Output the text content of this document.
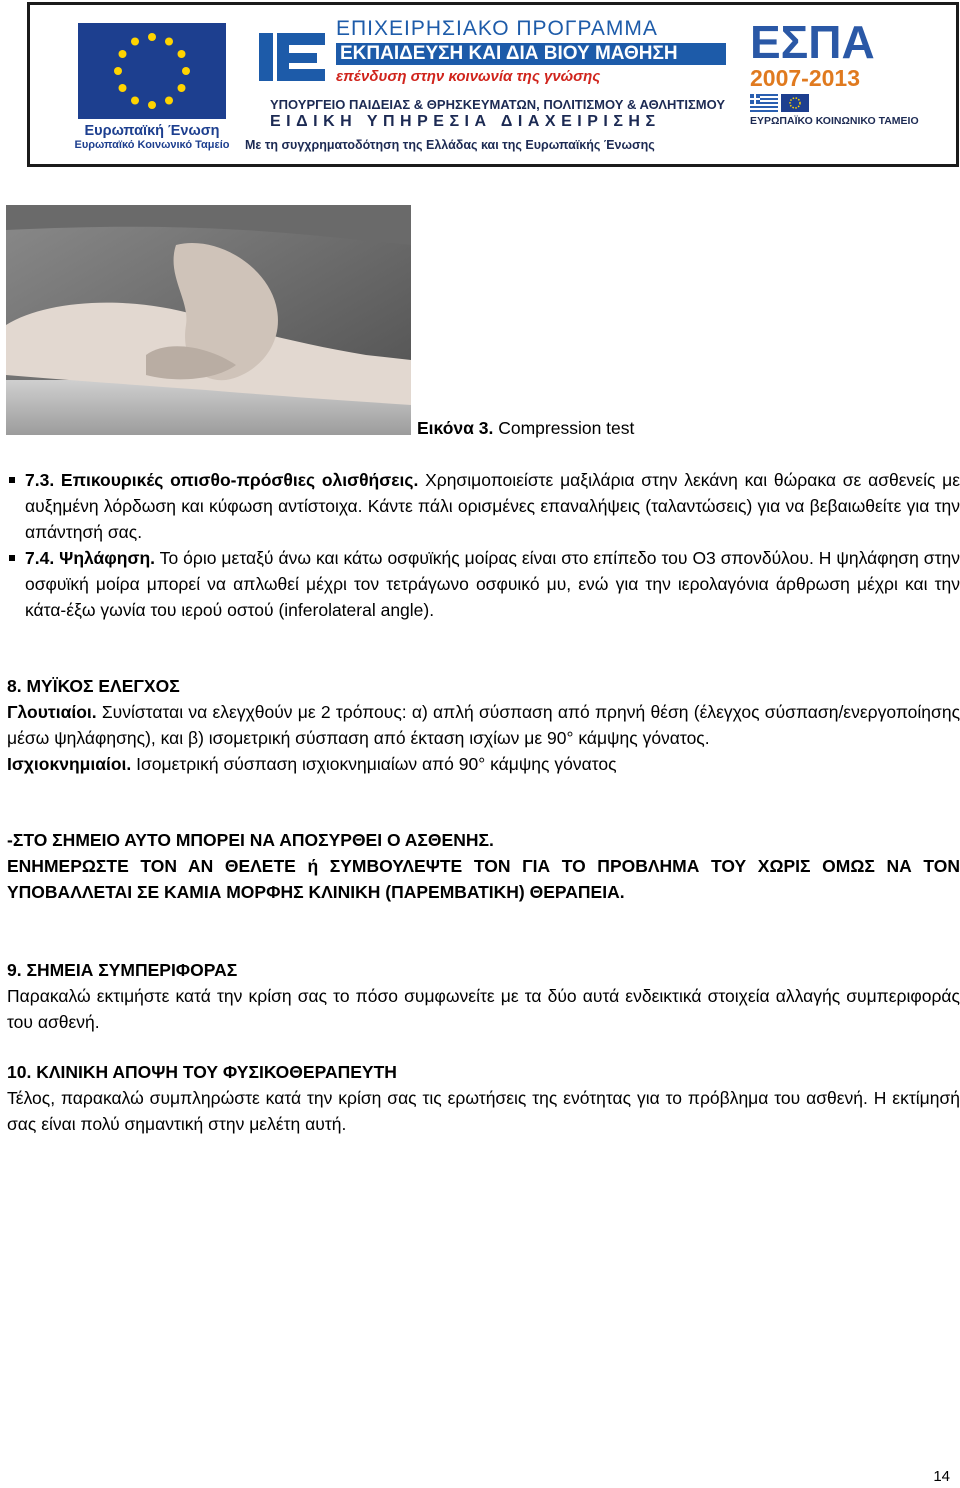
Ευρωπαϊκή Ένωση
Ευρωπαϊκό Κοινωνικό Ταμείο
ΕΠΙΧΕΙΡΗΣΙΑΚΟ ΠΡΟΓΡΑΜΜΑ
ΕΚΠΑΙΔΕΥΣΗ ΚΑΙ ΔΙΑ ΒΙΟΥ ΜΑΘΗΣΗ
επένδυση στην κοινωνία της γνώσης
ΥΠΟΥΡΓΕΙΟ ΠΑΙΔΕΙΑΣ & ΘΡΗΣΚΕΥΜΑΤΩΝ, ΠΟΛΙΤΙΣΜΟΥ & ΑΘΛΗΤΙΣΜΟΥ
ΕΙΔΙΚΗ ΥΠΗΡΕΣΙΑ ΔΙΑΧΕΙΡΙΣΗΣ
Με τη συγχρηματοδότηση της Ελλάδας και της Ευρωπαϊκής Ένωσης
ΕΣΠΑ
2007-2013
ΕΥΡΩΠΑΪΚΟ ΚΟΙΝΩΝΙΚΟ ΤΑΜΕΙΟ
Εικόνα 3. Compression test
7.3. Επικουρικές οπισθο-πρόσθιες ολισθήσεις. Χρησιμοποιείστε μαξιλάρια στην λεκάνη και θώρακα σε ασθενείς με αυξημένη λόρδωση και κύφωση αντίστοιχα. Κάντε πάλι ορισμένες επαναλήψεις (ταλαντώσεις) για να βεβαιωθείτε για την απάντησή σας.
7.4. Ψηλάφηση. Το όριο μεταξύ άνω και κάτω οσφυϊκής μοίρας είναι στο επίπεδο του Ο3 σπονδύλου. Η ψηλάφηση στην οσφυϊκή μοίρα μπορεί να απλωθεί μέχρι τον τετράγωνο οσφυικό μυ, ενώ για την ιερολαγόνια άρθρωση μέχρι και την κάτα-έξω γωνία του ιερού οστού (inferolateral angle).
8. ΜΥΪΚΟΣ ΕΛΕΓΧΟΣ
Γλουτιαίοι. Συνίσταται να ελεγχθούν με 2 τρόπους: α) απλή σύσπαση από πρηνή θέση (έλεγχος σύσπαση/ενεργοποίησης μέσω ψηλάφησης), και β) ισομετρική σύσπαση από έκταση ισχίων με 90° κάμψης γόνατος.
Ισχιοκνημιαίοι. Ισομετρική σύσπαση ισχιοκνημιαίων από 90° κάμψης γόνατος
-ΣΤΟ ΣΗΜΕΙΟ ΑΥΤΟ ΜΠΟΡΕΙ ΝΑ ΑΠΟΣΥΡΘΕΙ Ο ΑΣΘΕΝΗΣ.
ΕΝΗΜΕΡΩΣΤΕ ΤΟΝ ΑΝ ΘΕΛΕΤΕ ή ΣΥΜΒΟΥΛΕΨΤΕ ΤΟΝ ΓΙΑ ΤΟ ΠΡΟΒΛΗΜΑ ΤΟΥ ΧΩΡΙΣ ΟΜΩΣ ΝΑ ΤΟΝ ΥΠΟΒΑΛΛΕΤΑΙ ΣΕ ΚΑΜΙΑ ΜΟΡΦΗΣ ΚΛΙΝΙΚΗ (ΠΑΡΕΜΒΑΤΙΚΗ) ΘΕΡΑΠΕΙΑ.
9. ΣΗΜΕΙΑ ΣΥΜΠΕΡΙΦΟΡΑΣ
Παρακαλώ εκτιμήστε κατά την κρίση σας το πόσο συμφωνείτε με τα δύο αυτά ενδεικτικά στοιχεία αλλαγής συμπεριφοράς του ασθενή.
10. ΚΛΙΝΙΚΗ ΑΠΟΨΗ ΤΟΥ ΦΥΣΙΚΟΘΕΡΑΠΕΥΤΗ
Τέλος, παρακαλώ συμπληρώστε κατά την κρίση σας τις ερωτήσεις της ενότητας για το πρόβλημα του ασθενή. Η εκτίμησή σας είναι πολύ σημαντική στην μελέτη αυτή.
14
